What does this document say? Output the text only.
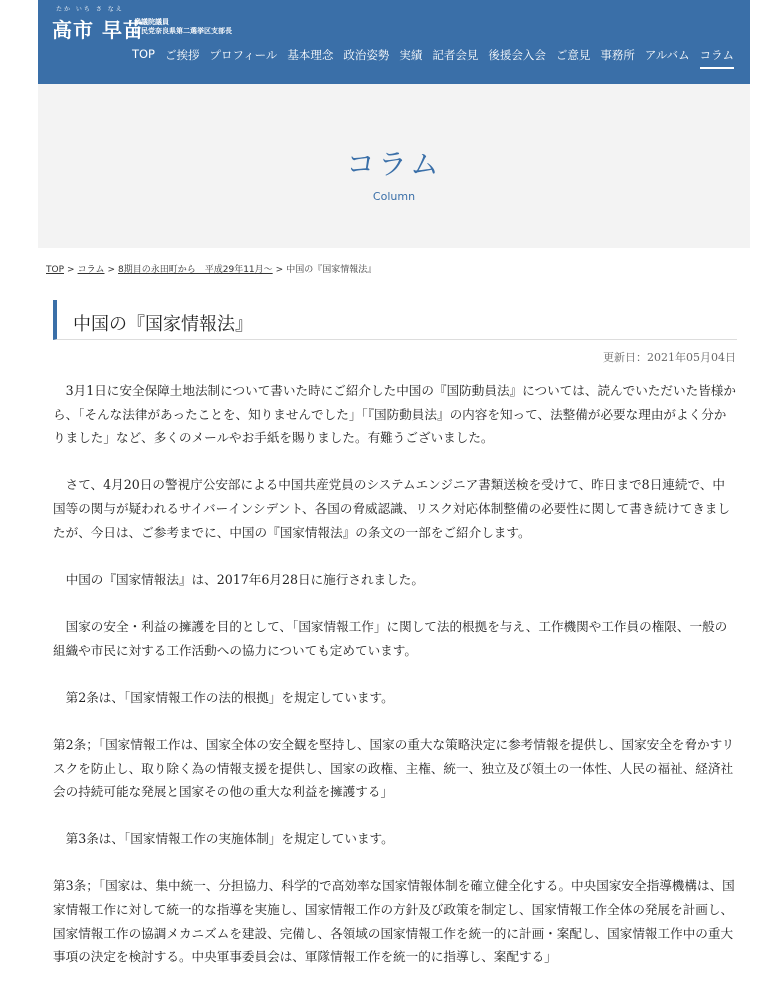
たか いち さ なえ
高市 早苗
衆議院議員
自民党奈良県第二選挙区支部長
TOP ご挨拶 プロフィール 基本理念 政治姿勢 実績 記者会見 後援会入会 ご意見 事務所 アルバム コラム
コラム
Column
TOP > コラム > 8期目の永田町から　平成29年11月〜 > 中国の『国家情報法』
中国の『国家情報法』
更新日：2021年05月04日

3月1日に安全保障土地法制について書いた時にご紹介した中国の『国防動員法』については、読んでいただいた皆様から、「そんな法律があったことを、知りませんでした」「『国防動員法』の内容を知って、法整備が必要な理由がよく分かりました」など、多くのメールやお手紙を賜りました。有難うございました。

さて、4月20日の警視庁公安部による中国共産党員のシステムエンジニア書類送検を受けて、昨日まで8日連続で、中国等の関与が疑われるサイバーインシデント、各国の脅威認識、リスク対応体制整備の必要性に関して書き続けてきましたが、今日は、ご参考までに、中国の『国家情報法』の条文の一部をご紹介します。

中国の『国家情報法』は、2017年6月28日に施行されました。

国家の安全・利益の擁護を目的として、「国家情報工作」に関して法的根拠を与え、工作機関や工作員の権限、一般の組織や市民に対する工作活動への協力についても定めています。

第2条は、「国家情報工作の法的根拠」を規定しています。

第2条；「国家情報工作は、国家全体の安全観を堅持し、国家の重大な策略決定に参考情報を提供し、国家安全を脅かすリスクを防止し、取り除く為の情報支援を提供し、国家の政権、主権、統一、独立及び領土の一体性、人民の福祉、経済社会の持続可能な発展と国家その他の重大な利益を擁護する」

第3条は、「国家情報工作の実施体制」を規定しています。

第3条；「国家は、集中統一、分担協力、科学的で高効率な国家情報体制を確立健全化する。中央国家安全指導機構は、国家情報工作に対して統一的な指導を実施し、国家情報工作の方針及び政策を制定し、国家情報工作全体の発展を計画し、国家情報工作の協調メカニズムを建設、完備し、各領域の国家情報工作を統一的に計画・案配し、国家情報工作中の重大事項の決定を検討する。中央軍事委員会は、軍隊情報工作を統一的に指導し、案配する」
